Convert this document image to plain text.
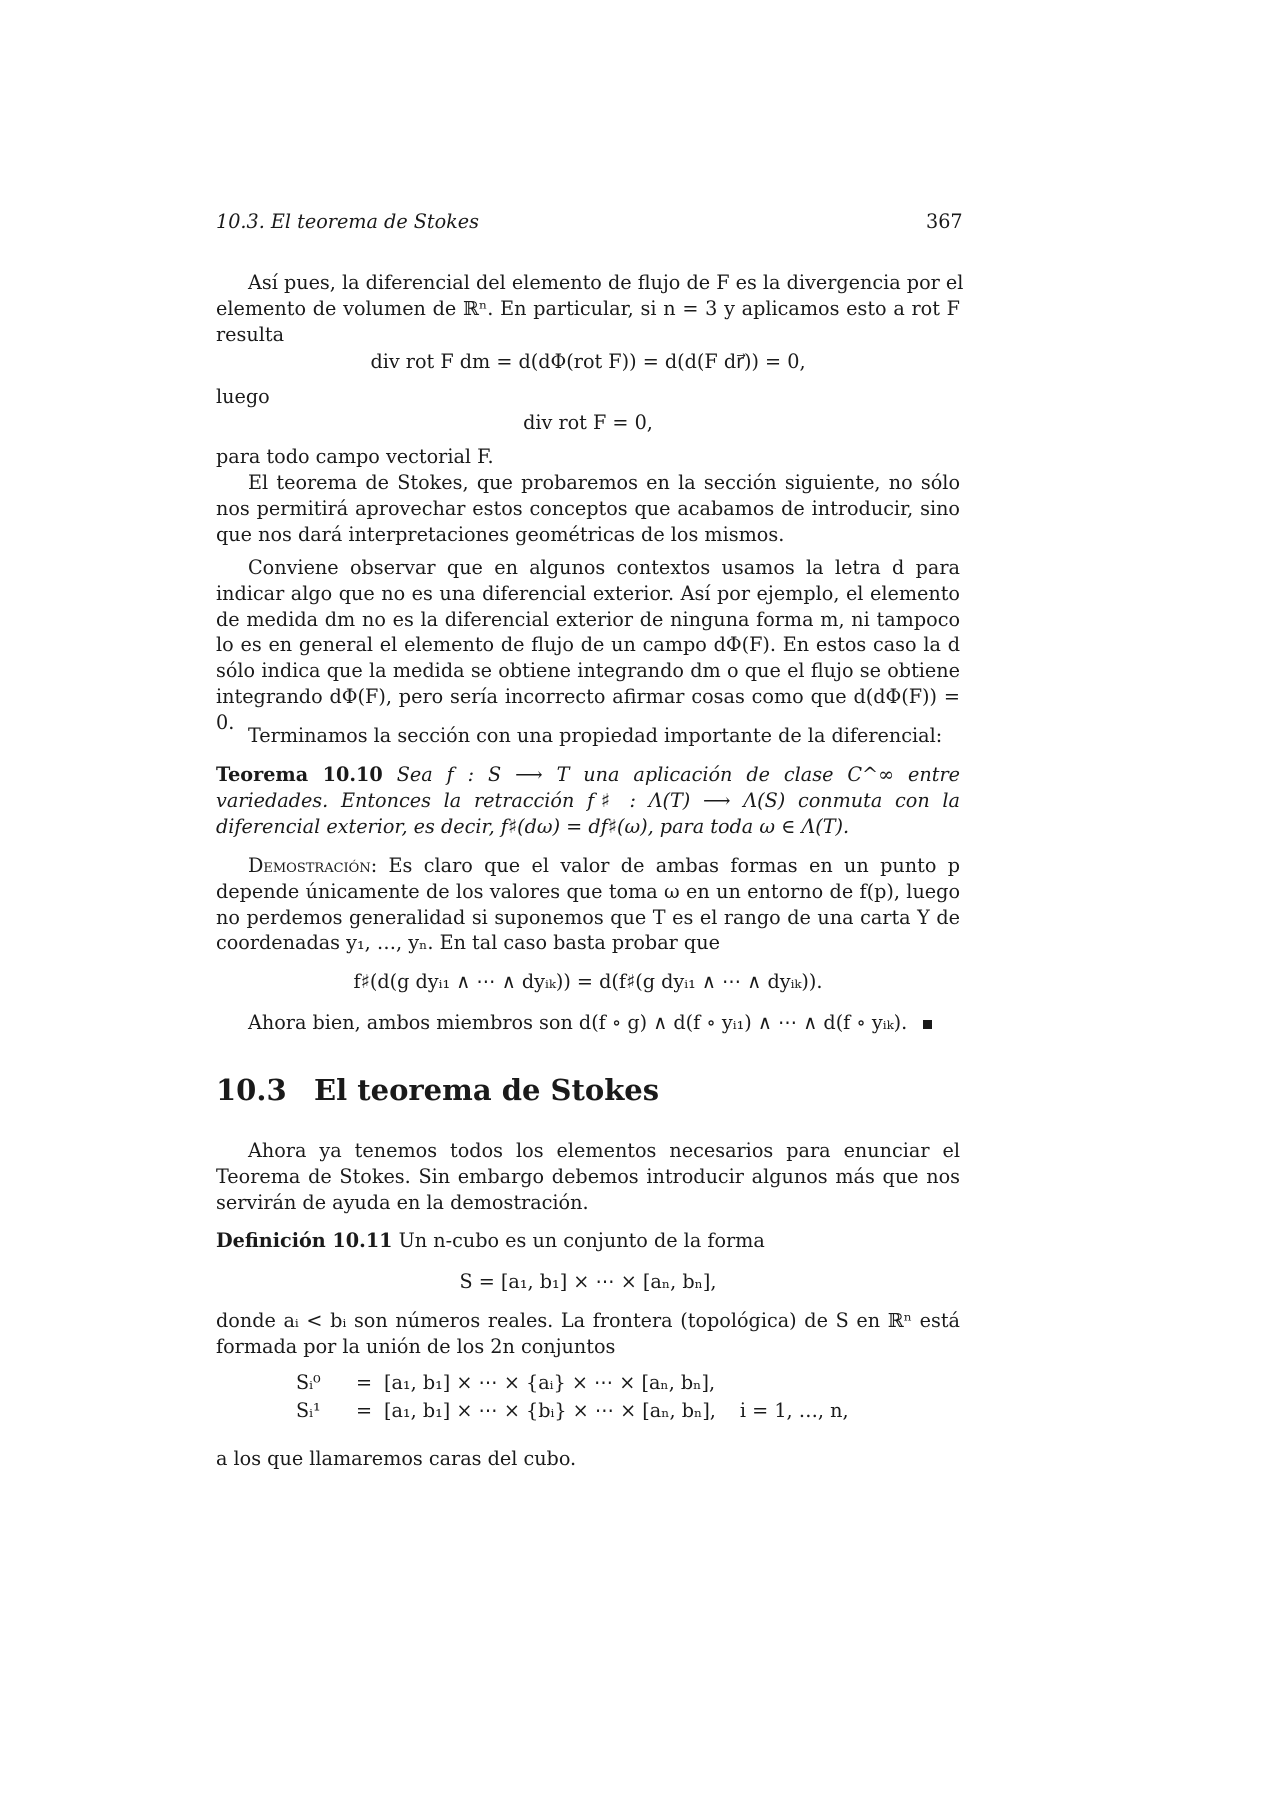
10.3. El teorema de Stokes	367
Así pues, la diferencial del elemento de flujo de F es la divergencia por el
elemento de volumen de ℝⁿ. En particular, si n = 3 y aplicamos esto a rot F
resulta
div rot F dm = d(dΦ(rot F)) = d(d(F dr⃗)) = 0,
luego
div rot F = 0,
para todo campo vectorial F.
El teorema de Stokes, que probaremos en la sección siguiente, no sólo nos permitirá aprovechar estos conceptos que acabamos de introducir, sino que nos dará interpretaciones geométricas de los mismos.
Conviene observar que en algunos contextos usamos la letra d para indicar algo que no es una diferencial exterior. Así por ejemplo, el elemento de medida dm no es la diferencial exterior de ninguna forma m, ni tampoco lo es en general el elemento de flujo de un campo dΦ(F). En estos caso la d sólo indica que la medida se obtiene integrando dm o que el flujo se obtiene integrando dΦ(F), pero sería incorrecto afirmar cosas como que d(dΦ(F)) = 0.
Terminamos la sección con una propiedad importante de la diferencial:
Teorema 10.10 Sea f : S ⟶ T una aplicación de clase C^∞ entre variedades. Entonces la retracción f♯ : Λ(T) ⟶ Λ(S) conmuta con la diferencial exterior, es decir, f♯(dω) = df♯(ω), para toda ω ∈ Λ(T).
Demostración: Es claro que el valor de ambas formas en un punto p depende únicamente de los valores que toma ω en un entorno de f(p), luego no perdemos generalidad si suponemos que T es el rango de una carta Y de coordenadas y₁, …, yₙ. En tal caso basta probar que
f♯(d(g dyᵢ₁ ∧ ⋯ ∧ dyᵢₖ)) = d(f♯(g dyᵢ₁ ∧ ⋯ ∧ dyᵢₖ)).
Ahora bien, ambos miembros son d(f ∘ g) ∧ d(f ∘ yᵢ₁) ∧ ⋯ ∧ d(f ∘ yᵢₖ).
10.3 El teorema de Stokes
Ahora ya tenemos todos los elementos necesarios para enunciar el Teorema de Stokes. Sin embargo debemos introducir algunos más que nos servirán de ayuda en la demostración.
Definición 10.11 Un n-cubo es un conjunto de la forma
S = [a₁, b₁] × ⋯ × [aₙ, bₙ],
donde aᵢ < bᵢ son números reales. La frontera (topológica) de S en ℝⁿ está formada por la unión de los 2n conjuntos
Sᵢ⁰ = [a₁, b₁] × ⋯ × {aᵢ} × ⋯ × [aₙ, bₙ],
Sᵢ¹ = [a₁, b₁] × ⋯ × {bᵢ} × ⋯ × [aₙ, bₙ], i = 1, …, n,
a los que llamaremos caras del cubo.
